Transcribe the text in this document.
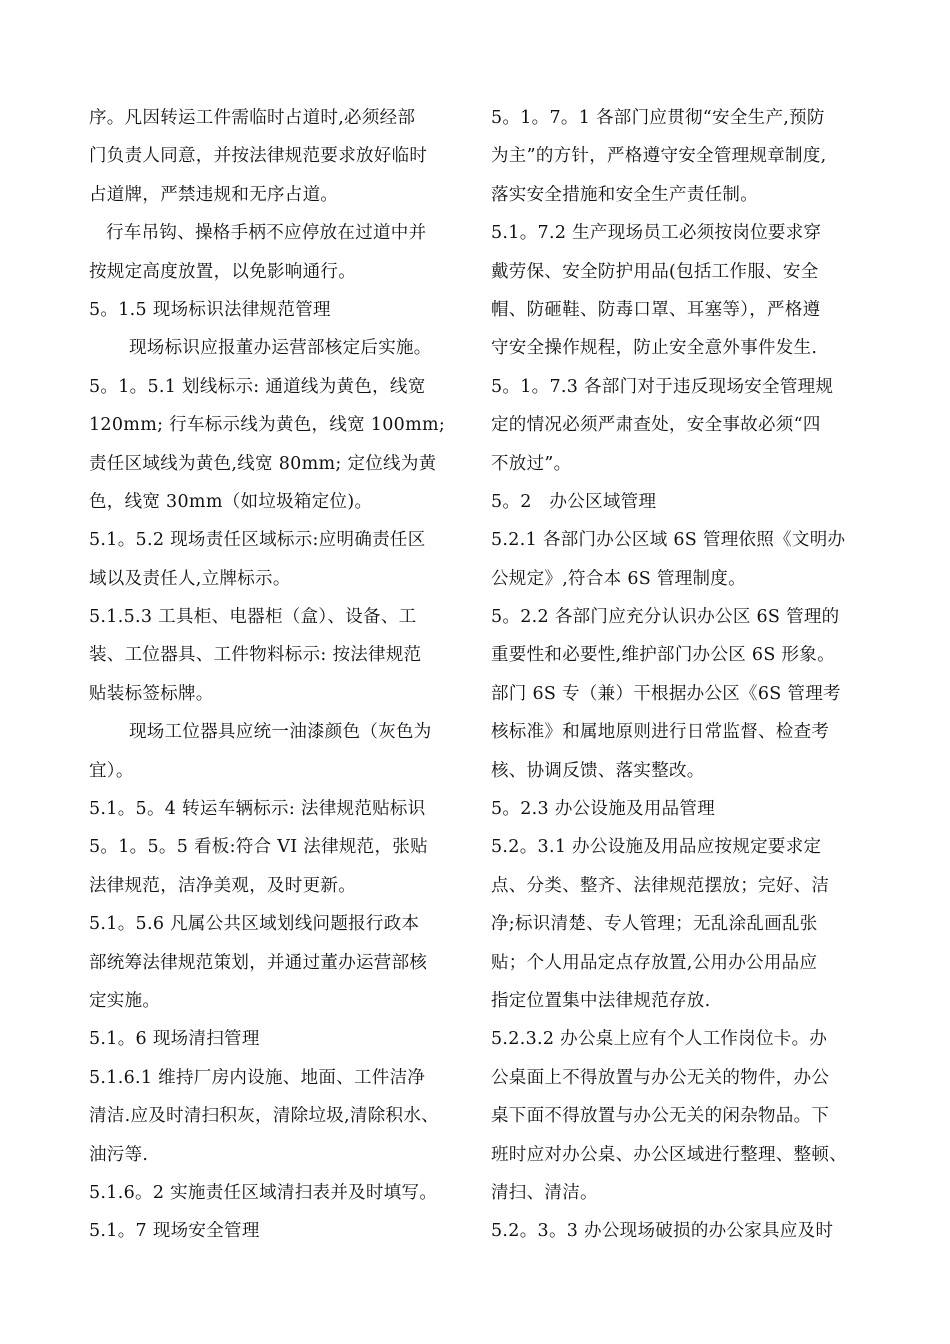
序。凡因转运工件需临时占道时,必须经部
门负责人同意，并按法律规范要求放好临时
占道牌，严禁违规和无序占道。
行车吊钩、操格手柄不应停放在过道中并
按规定高度放置，以免影响通行。
5。1.5 现场标识法律规范管理
现场标识应报董办运营部核定后实施。
5。1。5.1 划线标示: 通道线为黄色，线宽
120mm; 行车标示线为黄色，线宽 100mm;
责任区域线为黄色,线宽 80mm; 定位线为黄
色，线宽 30mm（如垃圾箱定位)。
5.1。5.2 现场责任区域标示:应明确责任区
域以及责任人,立牌标示。
5.1.5.3 工具柜、电器柜（盒）、设备、工
装、工位器具、工件物料标示: 按法律规范
贴装标签标牌。
现场工位器具应统一油漆颜色（灰色为
宜）。
5.1。5。4 转运车辆标示: 法律规范贴标识
5。1。5。5 看板:符合 VI 法律规范，张贴
法律规范，洁净美观，及时更新。
5.1。5.6 凡属公共区域划线问题报行政本
部统筹法律规范策划，并通过董办运营部核
定实施。
5.1。6 现场清扫管理
5.1.6.1 维持厂房内设施、地面、工件洁净
清洁.应及时清扫积灰，清除垃圾,清除积水、
油污等.
5.1.6。2 实施责任区域清扫表并及时填写。
5.1。7 现场安全管理
5。1。7。1 各部门应贯彻“安全生产,预防
为主”的方针，严格遵守安全管理规章制度,
落实安全措施和安全生产责任制。
5.1。7.2 生产现场员工必须按岗位要求穿
戴劳保、安全防护用品(包括工作服、安全
帽、防砸鞋、防毒口罩、耳塞等），严格遵
守安全操作规程，防止安全意外事件发生.
5。1。7.3 各部门对于违反现场安全管理规
定的情况必须严肃查处，安全事故必须“四
不放过”。
5。2　办公区域管理
5.2.1 各部门办公区域 6S 管理依照《文明办
公规定》,符合本 6S 管理制度。
5。2.2 各部门应充分认识办公区 6S 管理的
重要性和必要性,维护部门办公区 6S 形象。
部门 6S 专（兼）干根据办公区《6S 管理考
核标准》和属地原则进行日常监督、检查考
核、协调反馈、落实整改。
5。2.3 办公设施及用品管理
5.2。3.1 办公设施及用品应按规定要求定
点、分类、整齐、法律规范摆放；完好、洁
净;标识清楚、专人管理；无乱涂乱画乱张
贴；个人用品定点存放置,公用办公用品应
指定位置集中法律规范存放.
5.2.3.2 办公桌上应有个人工作岗位卡。办
公桌面上不得放置与办公无关的物件，办公
桌下面不得放置与办公无关的闲杂物品。下
班时应对办公桌、办公区域进行整理、整顿、
清扫、清洁。
5.2。3。3 办公现场破损的办公家具应及时
